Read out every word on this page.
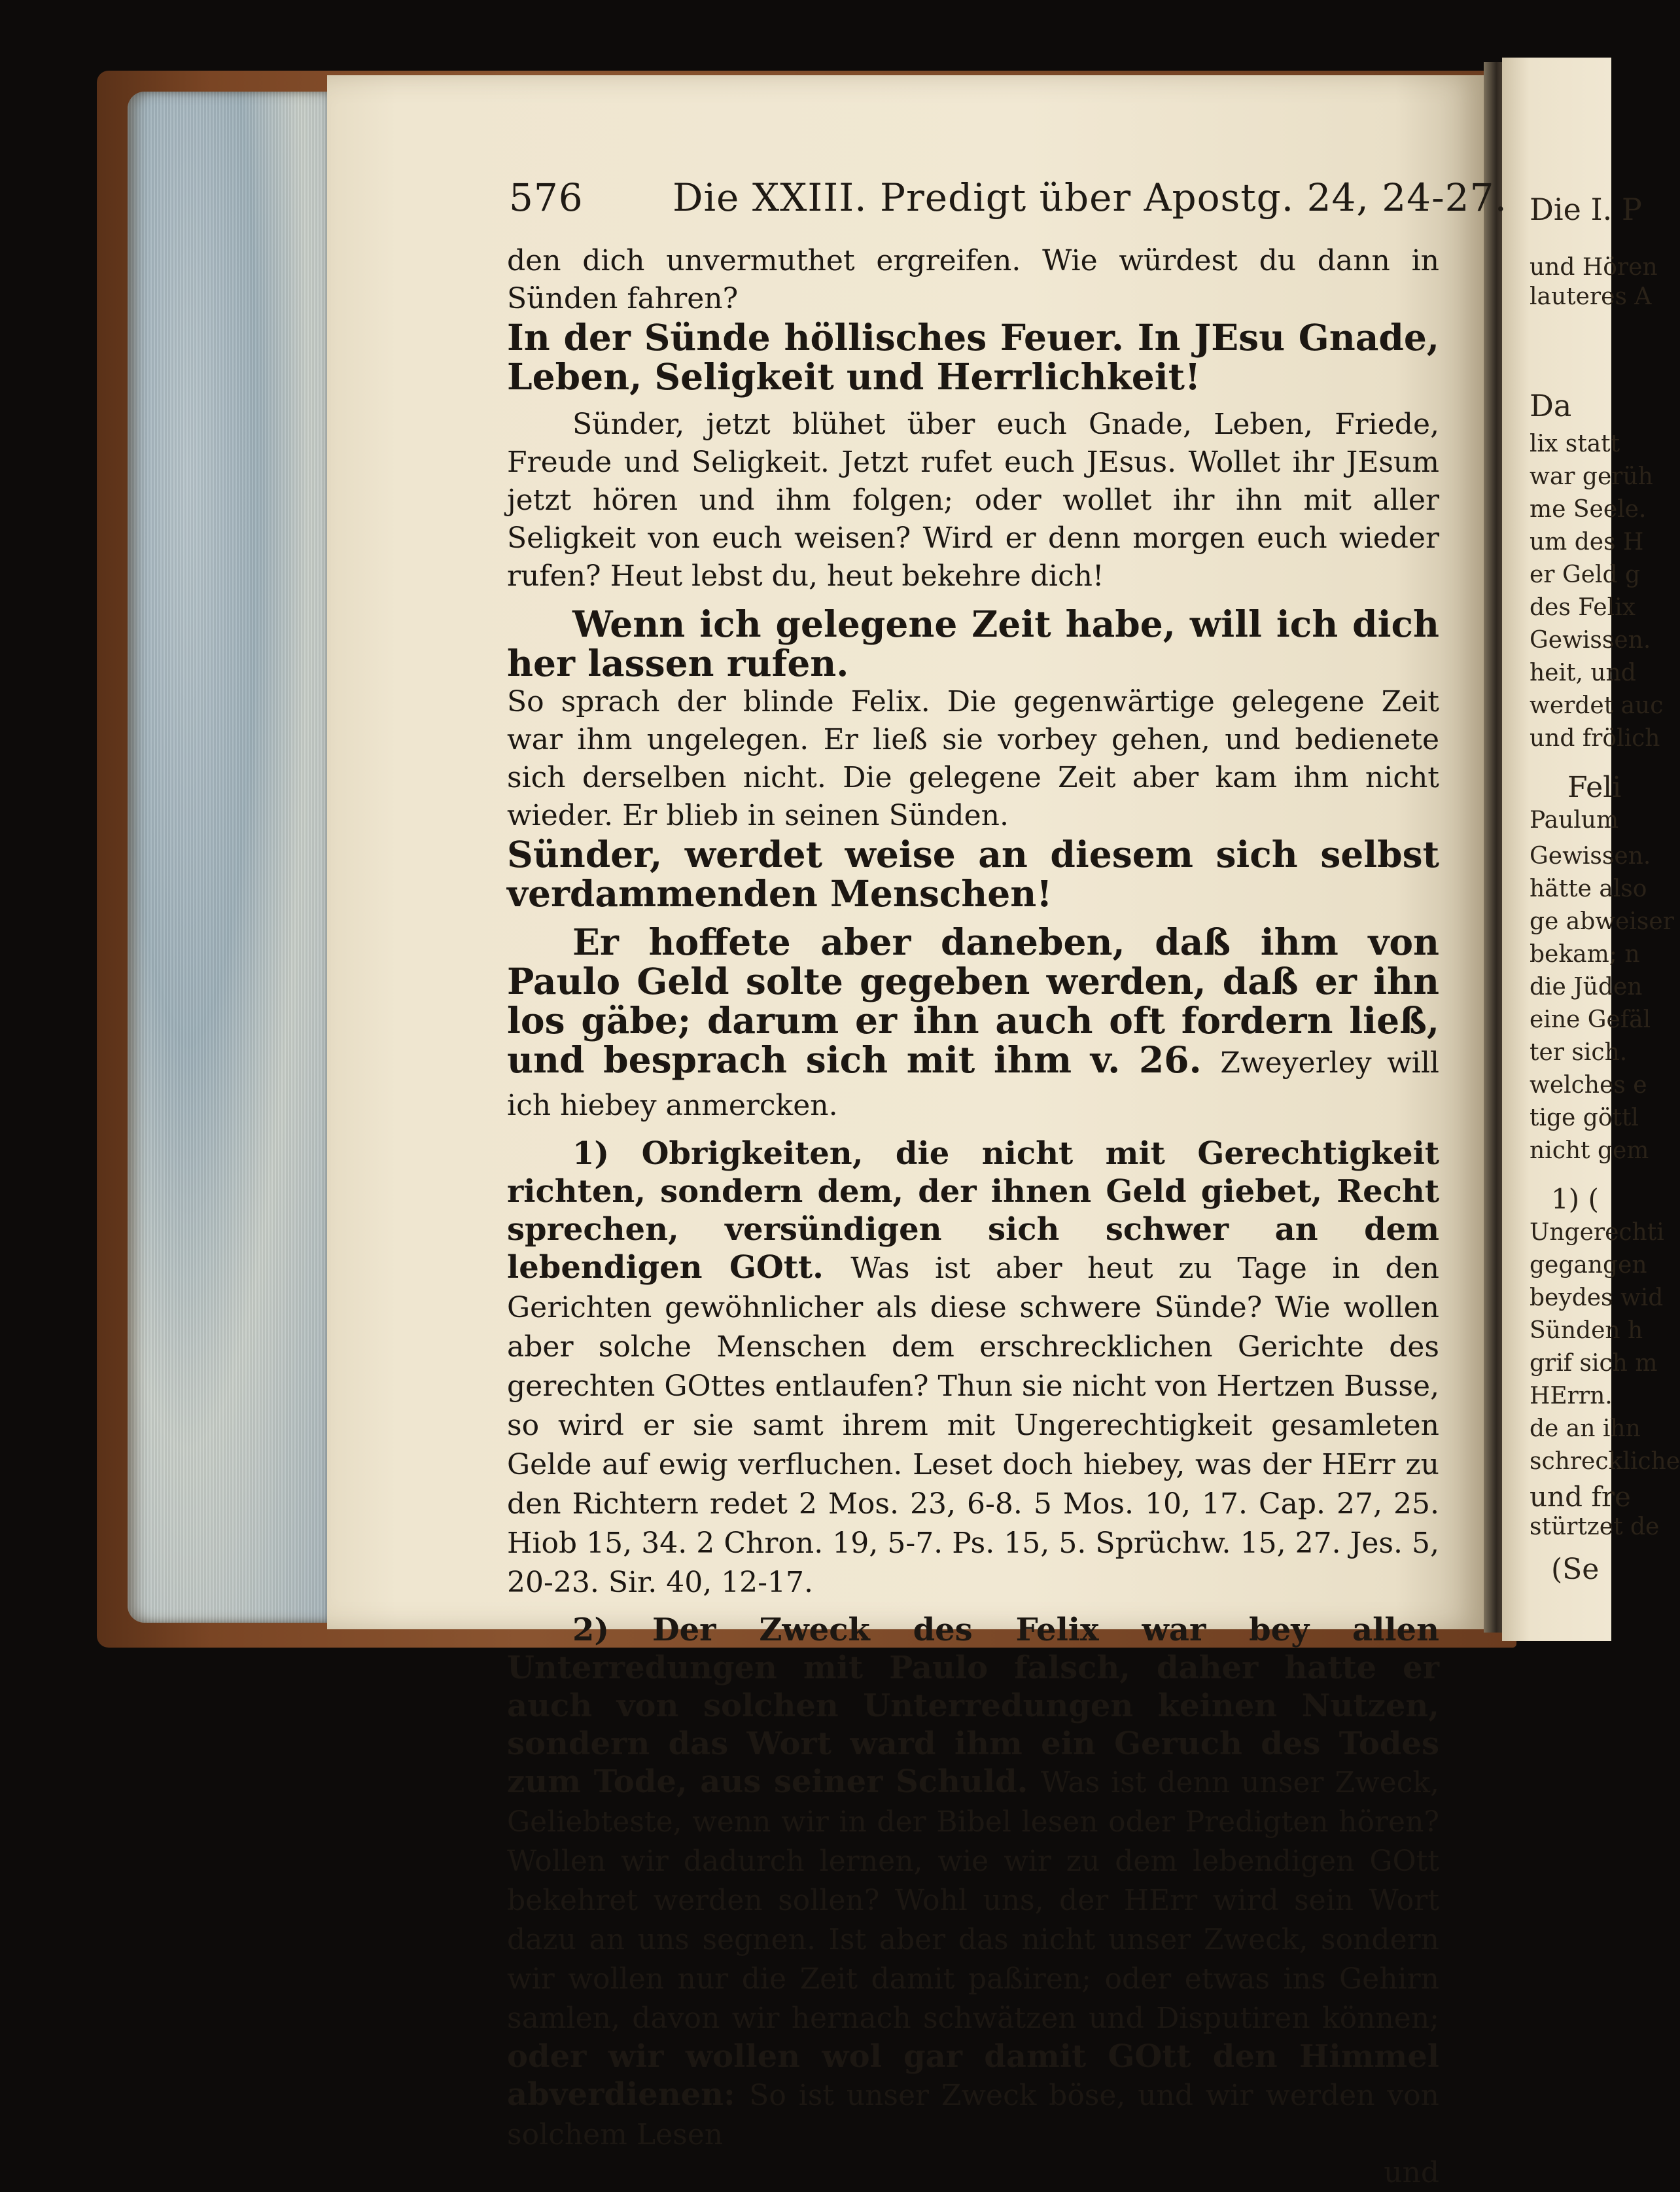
Die I. P
und Hören
lauteres A
Da
lix statt
war gerüh
me Seele.
um des H
er Geld g
des Felix
Gewissen.
heit, und
werdet auc
und frölich
Feli
Paulum
Gewissen.
hätte also
ge abweiser
bekam; n
die Jüden
eine Gefäl
ter sich.
welches e
tige göttl
nicht gem
1) (
Ungerechti
gegangen
beydes wid
Sünden h
grif sich m
HErrn.
de an ihn
schreckliche
und fre
stürtzet de
(Se
576 Die XXIII. Predigt über Apostg. 24, 24-27.

den dich unvermuthet ergreifen. Wie würdest du dann in Sünden fahren?

In der Sünde höllisches Feuer. In JEsu Gnade, Leben, Seligkeit und Herrlichkeit!

Sünder, jetzt blühet über euch Gnade, Leben, Friede, Freude und Seligkeit. Jetzt rufet euch JEsus. Wollet ihr JEsum jetzt hören und ihm folgen; oder wollet ihr ihn mit aller Seligkeit von euch weisen? Wird er denn morgen euch wieder rufen? Heut lebst du, heut bekehre dich!

Wenn ich gelegene Zeit habe, will ich dich her lassen rufen.

So sprach der blinde Felix. Die gegenwärtige gelegene Zeit war ihm ungelegen. Er ließ sie vorbey gehen, und bedienete sich derselben nicht. Die gelegene Zeit aber kam ihm nicht wieder. Er blieb in seinen Sünden.

Sünder, werdet weise an diesem sich selbst verdammenden Menschen!

Er hoffete aber daneben, daß ihm von Paulo Geld solte gegeben werden, daß er ihn los gäbe; darum er ihn auch oft fordern ließ, und besprach sich mit ihm v. 26. Zweyerley will ich hiebey anmercken.

1) Obrigkeiten, die nicht mit Gerechtigkeit richten, sondern dem, der ihnen Geld giebet, Recht sprechen, versündigen sich schwer an dem lebendigen GOtt. Was ist aber heut zu Tage in den Gerichten gewöhnlicher als diese schwere Sünde? Wie wollen aber solche Menschen dem erschrecklichen Gerichte des gerechten GOttes entlaufen? Thun sie nicht von Hertzen Busse, so wird er sie samt ihrem mit Ungerechtigkeit gesamleten Gelde auf ewig verfluchen. Leset doch hiebey, was der HErr zu den Richtern redet 2 Mos. 23, 6-8. 5 Mos. 10, 17. Cap. 27, 25. Hiob 15, 34. 2 Chron. 19, 5-7. Ps. 15, 5. Sprüchw. 15, 27. Jes. 5, 20-23. Sir. 40, 12-17.

2) Der Zweck des Felix war bey allen Unterredungen mit Paulo falsch, daher hatte er auch von solchen Unterredungen keinen Nutzen, sondern das Wort ward ihm ein Geruch des Todes zum Tode, aus seiner Schuld. Was ist denn unser Zweck, Geliebteste, wenn wir in der Bibel lesen oder Predigten hören? Wollen wir dadurch lernen, wie wir zu dem lebendigen GOtt bekehret werden sollen? Wohl uns, der HErr wird sein Wort dazu an uns segnen. Ist aber das nicht unser Zweck, sondern wir wollen nur die Zeit damit paßiren; oder etwas ins Gehirn samlen, davon wir hernach schwätzen und Disputiren können; oder wir wollen wol gar damit GOtt den Himmel abverdienen: So ist unser Zweck böse, und wir werden von solchem Lesen

und
